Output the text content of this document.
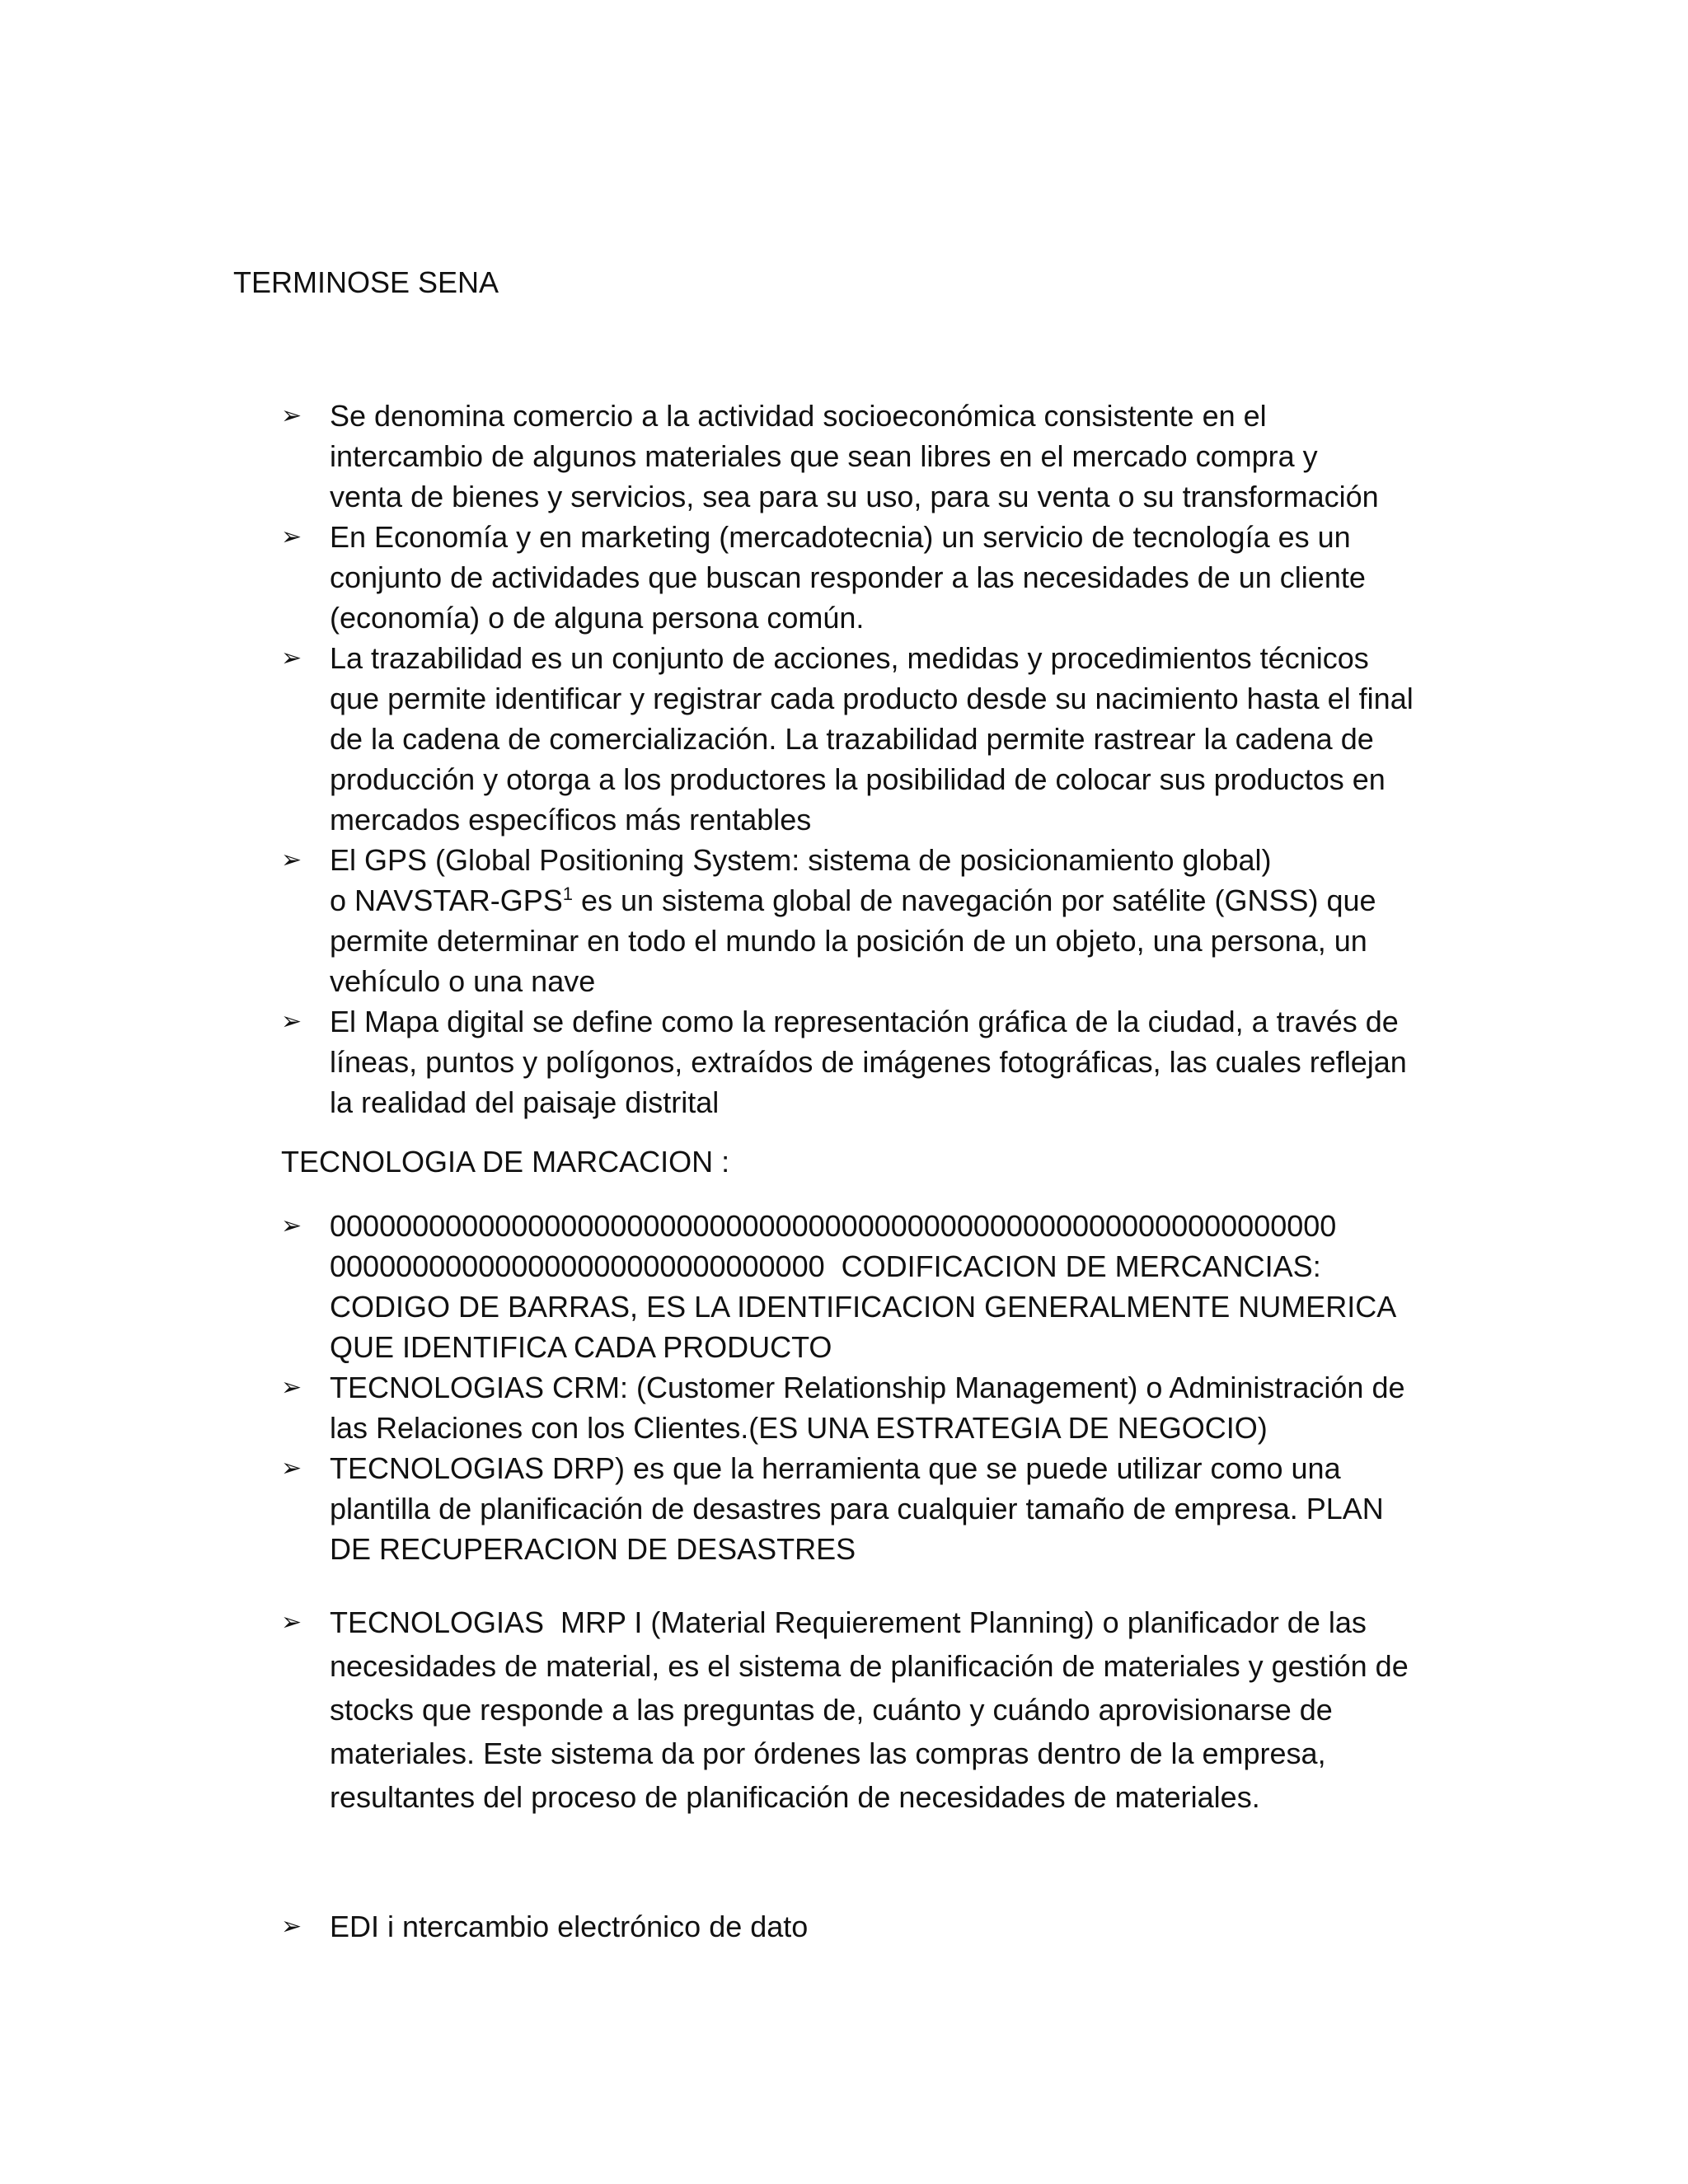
TERMINOSE SENA
➢ Se denomina comercio a la actividad socioeconómica consistente en el
intercambio de algunos materiales que sean libres en el mercado compra y
venta de bienes y servicios, sea para su uso, para su venta o su transformación
➢ En Economía y en marketing (mercadotecnia) un servicio de tecnología es un
conjunto de actividades que buscan responder a las necesidades de un cliente
(economía) o de alguna persona común.
➢ La trazabilidad es un conjunto de acciones, medidas y procedimientos técnicos
que permite identificar y registrar cada producto desde su nacimiento hasta el final
de la cadena de comercialización. La trazabilidad permite rastrear la cadena de
producción y otorga a los productores la posibilidad de colocar sus productos en
mercados específicos más rentables
➢ El GPS (Global Positioning System: sistema de posicionamiento global)
o NAVSTAR-GPS$^1$ es un sistema global de navegación por satélite (GNSS) que
permite determinar en todo el mundo la posición de un objeto, una persona, un
vehículo o una nave
➢ El Mapa digital se define como la representación gráfica de la ciudad, a través de
líneas, puntos y polígonos, extraídos de imágenes fotográficas, las cuales reflejan
la realidad del paisaje distrital
TECNOLOGIA DE MARCACION :
➢ 0000000000000000000000000000000000000000000000000000000000000
000000000000000000000000000000  CODIFICACION DE MERCANCIAS:
CODIGO DE BARRAS, ES LA IDENTIFICACION GENERALMENTE NUMERICA
QUE IDENTIFICA CADA PRODUCTO
➢ TECNOLOGIAS CRM: (Customer Relationship Management) o Administración de
las Relaciones con los Clientes.(ES UNA ESTRATEGIA DE NEGOCIO)
➢ TECNOLOGIAS DRP) es que la herramienta que se puede utilizar como una
plantilla de planificación de desastres para cualquier tamaño de empresa. PLAN
DE RECUPERACION DE DESASTRES
➢ TECNOLOGIAS  MRP I (Material Requierement Planning) o planificador de las
necesidades de material, es el sistema de planificación de materiales y gestión de
stocks que responde a las preguntas de, cuánto y cuándo aprovisionarse de
materiales. Este sistema da por órdenes las compras dentro de la empresa,
resultantes del proceso de planificación de necesidades de materiales.
➢ EDI i ntercambio electrónico de dato
